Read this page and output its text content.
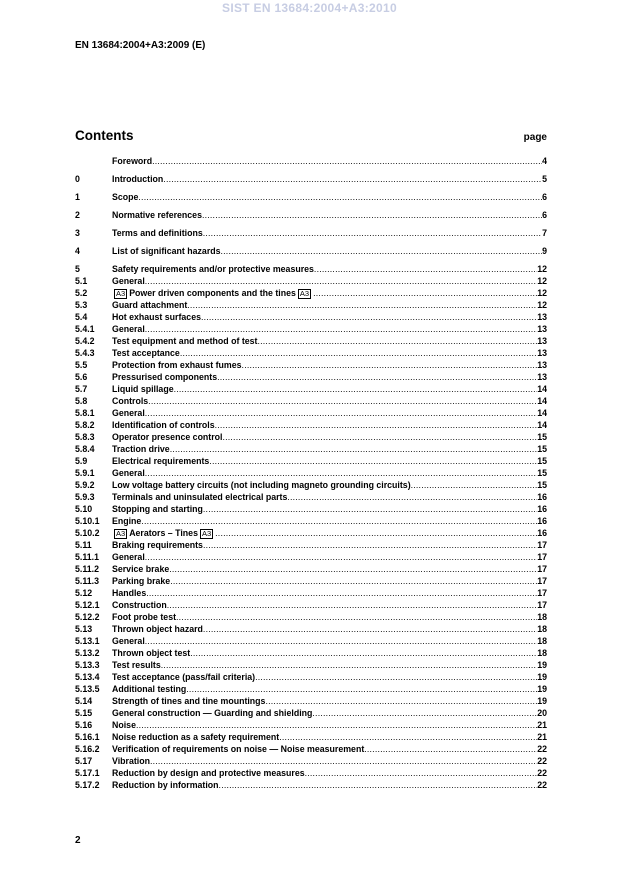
SIST EN 13684:2004+A3:2010
EN 13684:2004+A3:2009 (E)
Contents	page
Foreword .....	4
0	Introduction .....	5
1	Scope .....	6
2	Normative references .....	6
3	Terms and definitions .....	7
4	List of significant hazards .....	9
5	Safety requirements and/or protective measures .....	12
5.1	General .....	12
5.2	A3 Power driven components and the tines A3 .....	12
5.3	Guard attachment .....	12
5.4	Hot exhaust surfaces .....	13
5.4.1	General .....	13
5.4.2	Test equipment and method of test .....	13
5.4.3	Test acceptance .....	13
5.5	Protection from exhaust fumes .....	13
5.6	Pressurised components .....	13
5.7	Liquid spillage .....	14
5.8	Controls .....	14
5.8.1	General .....	14
5.8.2	Identification of controls .....	14
5.8.3	Operator presence control .....	15
5.8.4	Traction drive .....	15
5.9	Electrical requirements .....	15
5.9.1	General .....	15
5.9.2	Low voltage battery circuits (not including magneto grounding circuits) .....	15
5.9.3	Terminals and uninsulated electrical parts .....	16
5.10	Stopping and starting .....	16
5.10.1	Engine .....	16
5.10.2	A3 Aerators – Tines A3 .....	16
5.11	Braking requirements .....	17
5.11.1	General .....	17
5.11.2	Service brake .....	17
5.11.3	Parking brake .....	17
5.12	Handles .....	17
5.12.1	Construction .....	17
5.12.2	Foot probe test .....	18
5.13	Thrown object hazard .....	18
5.13.1	General .....	18
5.13.2	Thrown object test .....	18
5.13.3	Test results .....	19
5.13.4	Test acceptance (pass/fail criteria) .....	19
5.13.5	Additional testing .....	19
5.14	Strength of tines and tine mountings .....	19
5.15	General construction — Guarding and shielding .....	20
5.16	Noise .....	21
5.16.1	Noise reduction as a safety requirement .....	21
5.16.2	Verification of requirements on noise — Noise measurement .....	22
5.17	Vibration .....	22
5.17.1	Reduction by design and protective measures .....	22
5.17.2	Reduction by information .....	22
2
